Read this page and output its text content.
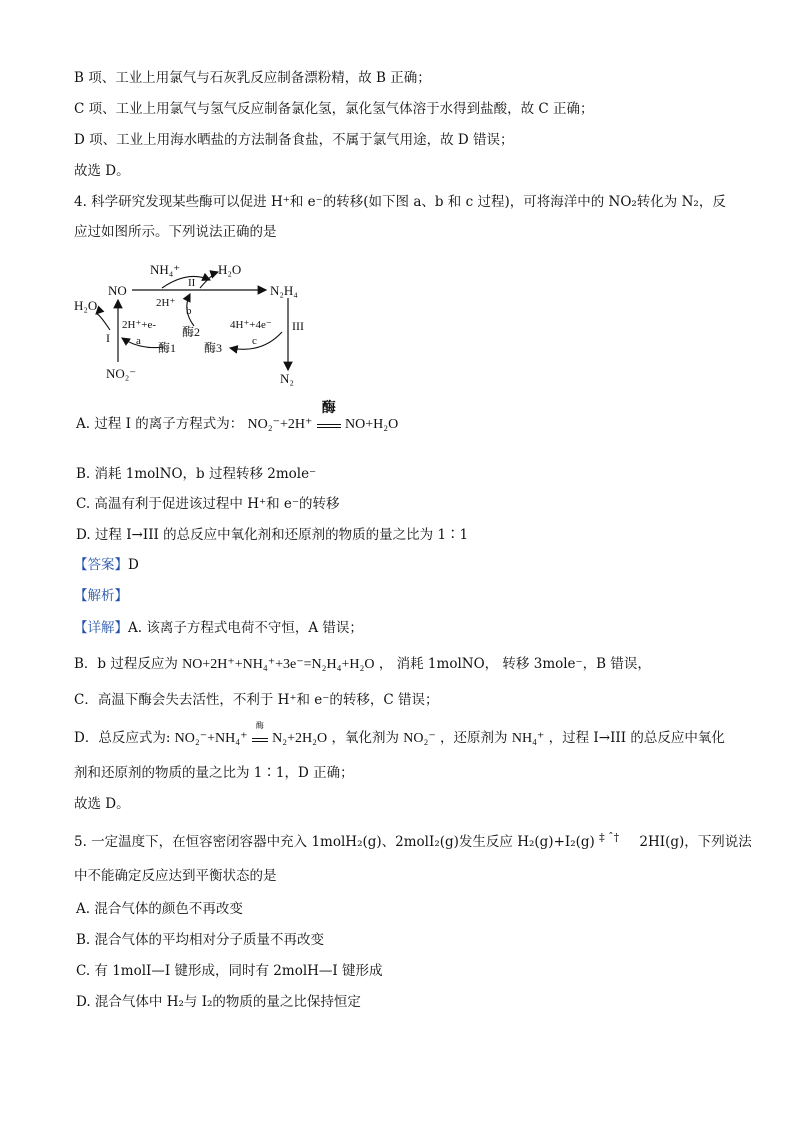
B 项、工业上用氯气与石灰乳反应制备漂粉精，故 B 正确；
C 项、工业上用氯气与氢气反应制备氯化氢，氯化氢气体溶于水得到盐酸，故 C 正确；
D 项、工业上用海水晒盐的方法制备食盐，不属于氯气用途，故 D 错误；
故选 D。
4. 科学研究发现某些酶可以促进 H⁺和 e⁻的转移(如下图 a、b 和 c 过程)，可将海洋中的 NO₂转化为 N₂，反
应过如图所示。下列说法正确的是
NH₄⁺	H₂O
NO	II	N₂H₄
H₂O	2H⁺
b
2H⁺+e- 酶2	4H⁺+4e⁻ III
I a	c
酶1 酶3
NO₂⁻	N₂
A. 过程 I 的离子方程式为： NO₂⁻+2H⁺
酶
NO+H₂O
B. 消耗 1molNO，b 过程转移 2mole⁻
C. 高温有利于促进该过程中 H⁺和 e⁻的转移
D. 过程 I→III 的总反应中氧化剂和还原剂的物质的量之比为 1∶1
【答案】D
【解析】
【详解】A. 该离子方程式电荷不守恒，A 错误；
B．b 过程反应为 NO+2H⁺+NH₄⁺+3e⁻=N₂H₄+H₂O ， 消耗 1molNO， 转移 3mole⁻，B 错误，
C．高温下酶会失去活性，不利于 H⁺和 e⁻的转移，C 错误；
D．总反应式为: NO₂⁻+NH₄⁺
酶
N₂+2H₂O ，氧化剂为 NO₂⁻ ，还原剂为 NH₄⁺ ，过程 I→III 的总反应中氧化
剂和还原剂的物质的量之比为 1∶1，D 正确；
故选 D。
5. 一定温度下，在恒容密闭容器中充入 1molH₂(g)、2molI₂(g)发生反应 H₂(g)+I₂(g) ‡ ˆ† 2HI(g)，下列说法
中不能确定反应达到平衡状态的是
A. 混合气体的颜色不再改变
B. 混合气体的平均相对分子质量不再改变
C. 有 1molI—I 键形成，同时有 2molH—I 键形成
D. 混合气体中 H₂与 I₂的物质的量之比保持恒定
